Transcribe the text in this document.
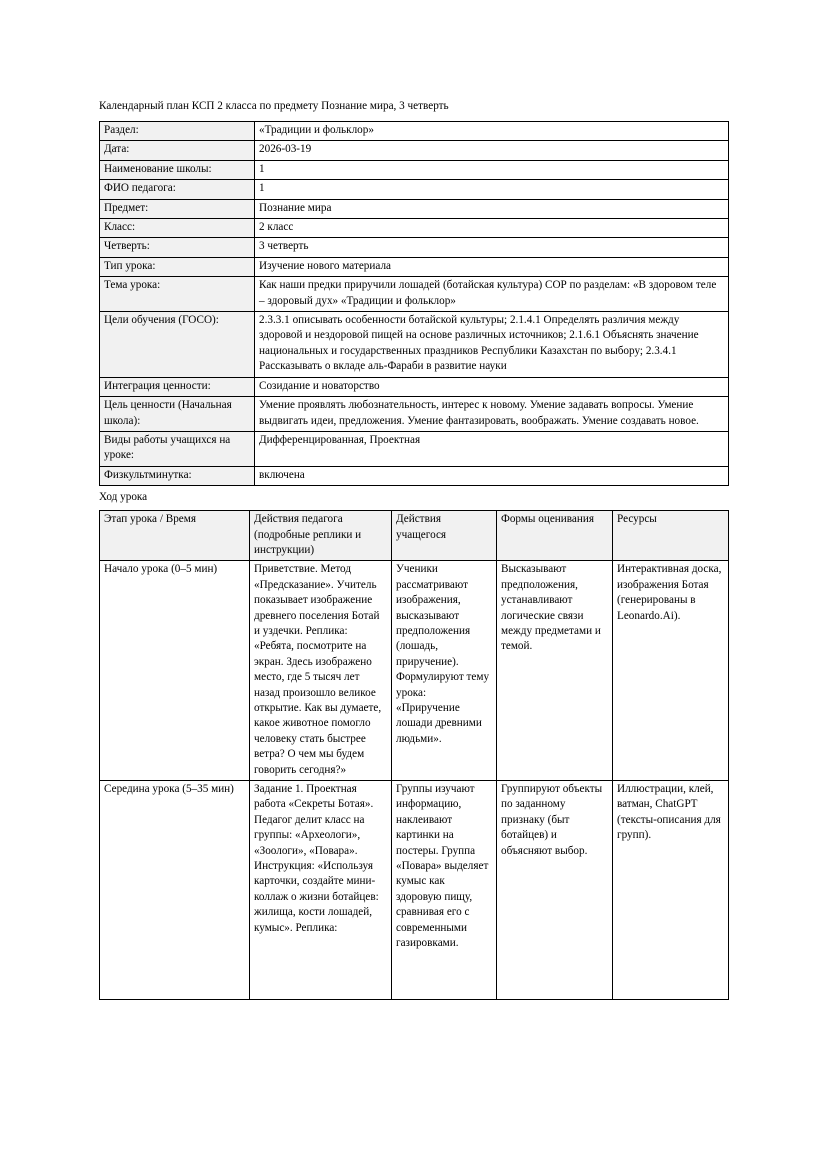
Календарный план КСП 2 класса по предмету Познание мира, 3 четверть

Раздел:	«Традиции и фольклор»
Дата:	2026-03-19
Наименование школы:	1
ФИО педагога:	1
Предмет:	Познание мира
Класс:	2 класс
Четверть:	3 четверть
Тип урока:	Изучение нового материала
Тема урока:	Как наши предки приручили лошадей (ботайская культура) СОР по разделам: «В здоровом теле – здоровый дух» «Традиции и фольклор»
Цели обучения (ГОСО):	2.3.3.1 описывать особенности ботайской культуры; 2.1.4.1 Определять различия между здоровой и нездоровой пищей на основе различных источников; 2.1.6.1 Объяснять значение национальных и государственных праздников Республики Казахстан по выбору; 2.3.4.1 Рассказывать о вкладе аль-Фараби в развитие науки
Интеграция ценности:	Созидание и новаторство
Цель ценности (Начальная школа):	Умение проявлять любознательность, интерес к новому. Умение задавать вопросы. Умение выдвигать идеи, предложения. Умение фантазировать, воображать. Умение создавать новое.
Виды работы учащихся на уроке:	Дифференцированная, Проектная
Физкультминутка:	включена

Ход урока

Этап урока / Время	Действия педагога (подробные реплики и инструкции)	Действия учащегося	Формы оценивания	Ресурсы
Начало урока (0–5 мин)	Приветствие. Метод «Предсказание». Учитель показывает изображение древнего поселения Ботай и уздечки. Реплика: «Ребята, посмотрите на экран. Здесь изображено место, где 5 тысяч лет назад произошло великое открытие. Как вы думаете, какое животное помогло человеку стать быстрее ветра? О чем мы будем говорить сегодня?»	Ученики рассматривают изображения, высказывают предположения (лошадь, приручение). Формулируют тему урока: «Приручение лошади древними людьми».	Высказывают предположения, устанавливают логические связи между предметами и темой.	Интерактивная доска, изображения Ботая (генерированы в Leonardo.Ai).
Середина урока (5–35 мин)	Задание 1. Проектная работа «Секреты Ботая». Педагог делит класс на группы: «Археологи», «Зоологи», «Повара». Инструкция: «Используя карточки, создайте мини-коллаж о жизни ботайцев: жилища, кости лошадей, кумыс». Реплика:	Группы изучают информацию, наклеивают картинки на постеры. Группа «Повара» выделяет кумыс как здоровую пищу, сравнивая его с современными газировками.	Группируют объекты по заданному признаку (быт ботайцев) и объясняют выбор.	Иллюстрации, клей, ватман, ChatGPT (тексты-описания для групп).
